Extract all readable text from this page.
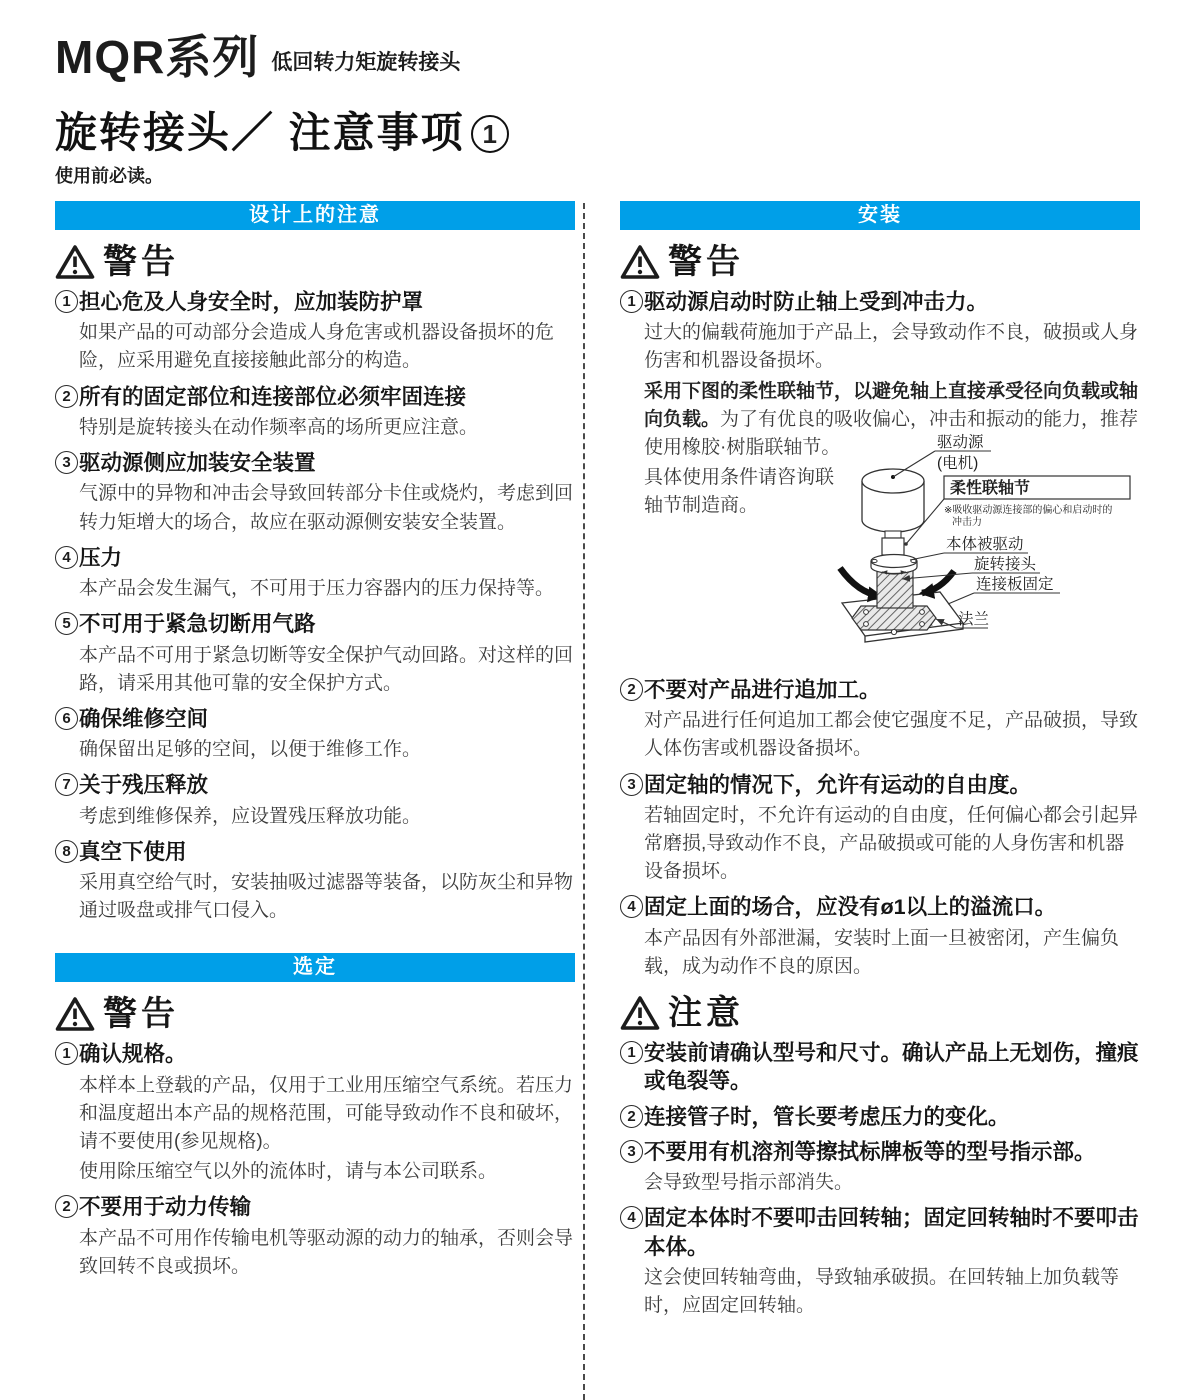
MQR系列 低回转力矩旋转接头
旋转接头／ 注意事项 1
使用前必读。
设计上的注意
警告
1 担心危及人身安全时，应加装防护罩

如果产品的可动部分会造成人身危害或机器设备损坏的危险，应采用避免直接接触此部分的构造。

2 所有的固定部位和连接部位必须牢固连接

特别是旋转接头在动作频率高的场所更应注意。

3 驱动源侧应加装安全装置

气源中的异物和冲击会导致回转部分卡住或烧灼，考虑到回转力矩增大的场合，故应在驱动源侧安装安全装置。

4 压力

本产品会发生漏气，不可用于压力容器内的压力保持等。

5 不可用于紧急切断用气路

本产品不可用于紧急切断等安全保护气动回路。对这样的回路，请采用其他可靠的安全保护方式。

6 确保维修空间

确保留出足够的空间，以便于维修工作。

7 关于残压释放

考虑到维修保养，应设置残压释放功能。

8 真空下使用

采用真空给气时，安装抽吸过滤器等装备，以防灰尘和异物通过吸盘或排气口侵入。

选定
警告
1 确认规格。

本样本上登载的产品，仅用于工业用压缩空气系统。若压力和温度超出本产品的规格范围，可能导致动作不良和破坏，请不要使用(参见规格)。

使用除压缩空气以外的流体时，请与本公司联系。

2 不要用于动力传输

本产品不可用作传输电机等驱动源的动力的轴承，否则会导致回转不良或损坏。

安装
警告
1 驱动源启动时防止轴上受到冲击力。

过大的偏载荷施加于产品上，会导致动作不良，破损或人身伤害和机器设备损坏。

采用下图的柔性联轴节，以避免轴上直接承受径向负载或轴向负载。为了有优良的吸收偏心，冲击和振动的能力，推荐使用橡胶·树脂联轴节。

具体使用条件请咨询联轴节制造商。

驱动源
(电机)
柔性联轴节
※吸收驱动源连接部的偏心和启动时的
冲击力
本体被驱动
旋转接头
连接板固定
法兰
2 不要对产品进行追加工。

对产品进行任何追加工都会使它强度不足，产品破损，导致人体伤害或机器设备损坏。

3 固定轴的情况下，允许有运动的自由度。

若轴固定时，不允许有运动的自由度，任何偏心都会引起异常磨损,导致动作不良，产品破损或可能的人身伤害和机器设备损坏。

4 固定上面的场合，应没有ø1以上的溢流口。

本产品因有外部泄漏，安装时上面一旦被密闭，产生偏负载，成为动作不良的原因。

注意
1 安装前请确认型号和尺寸。确认产品上无划伤，撞痕或龟裂等。
2 连接管子时，管长要考虑压力的变化。
3 不要用有机溶剂等擦拭标牌板等的型号指示部。

会导致型号指示部消失。

4 固定本体时不要叩击回转轴；固定回转轴时不要叩击本体。

这会使回转轴弯曲，导致轴承破损。在回转轴上加负载等时，应固定回转轴。
